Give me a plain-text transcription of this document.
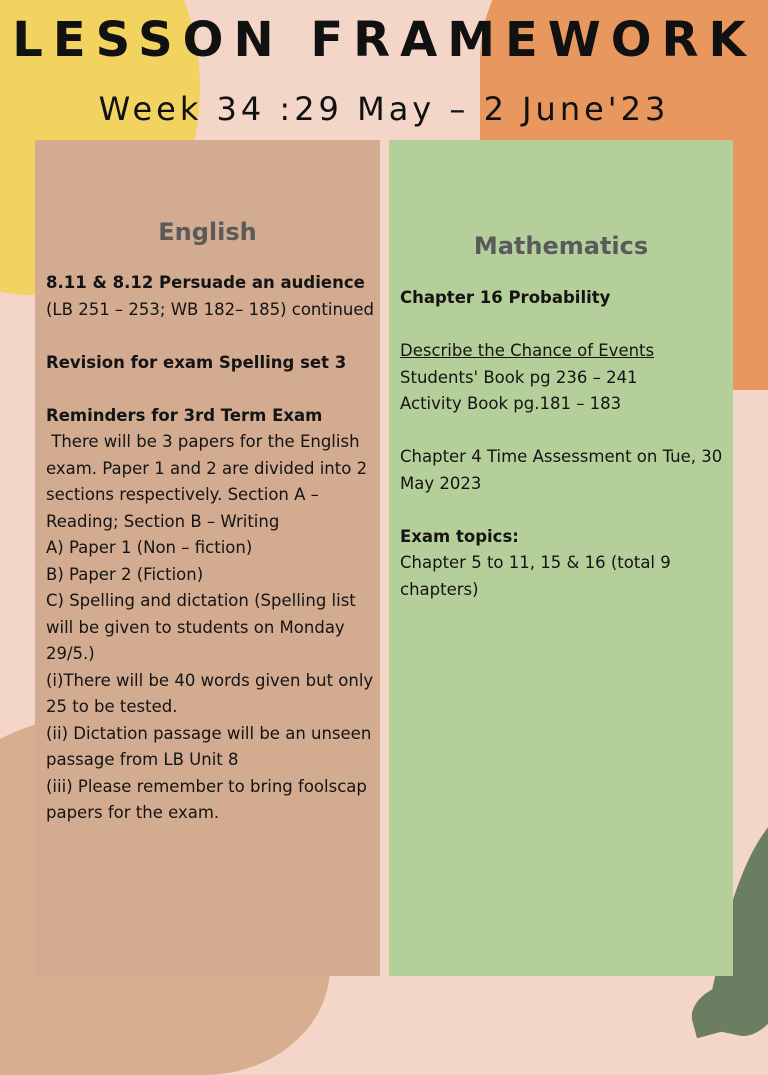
LESSON FRAMEWORK
Week 34 :29 May – 2 June'23
English

8.11 & 8.12 Persuade an audience

(LB 251 – 253; WB 182– 185) continued

Revision for exam Spelling set 3

Reminders for 3rd Term Exam

There will be 3 papers for the English exam. Paper 1 and 2 are divided into 2 sections respectively. Section A – Reading; Section B – Writing

A) Paper 1 (Non – fiction)

B) Paper 2 (Fiction)

C) Spelling and dictation (Spelling list will be given to students on Monday 29/5.)

(i)There will be 40 words given but only 25 to be tested.

(ii) Dictation passage will be an unseen passage from LB Unit 8

(iii) Please remember to bring foolscap papers for the exam.

Mathematics

Chapter 16 Probability

Describe the Chance of Events

Students' Book pg 236 – 241

Activity Book pg.181 – 183

Chapter 4 Time Assessment on Tue, 30 May 2023

Exam topics:

Chapter 5 to 11, 15 & 16 (total 9 chapters)
